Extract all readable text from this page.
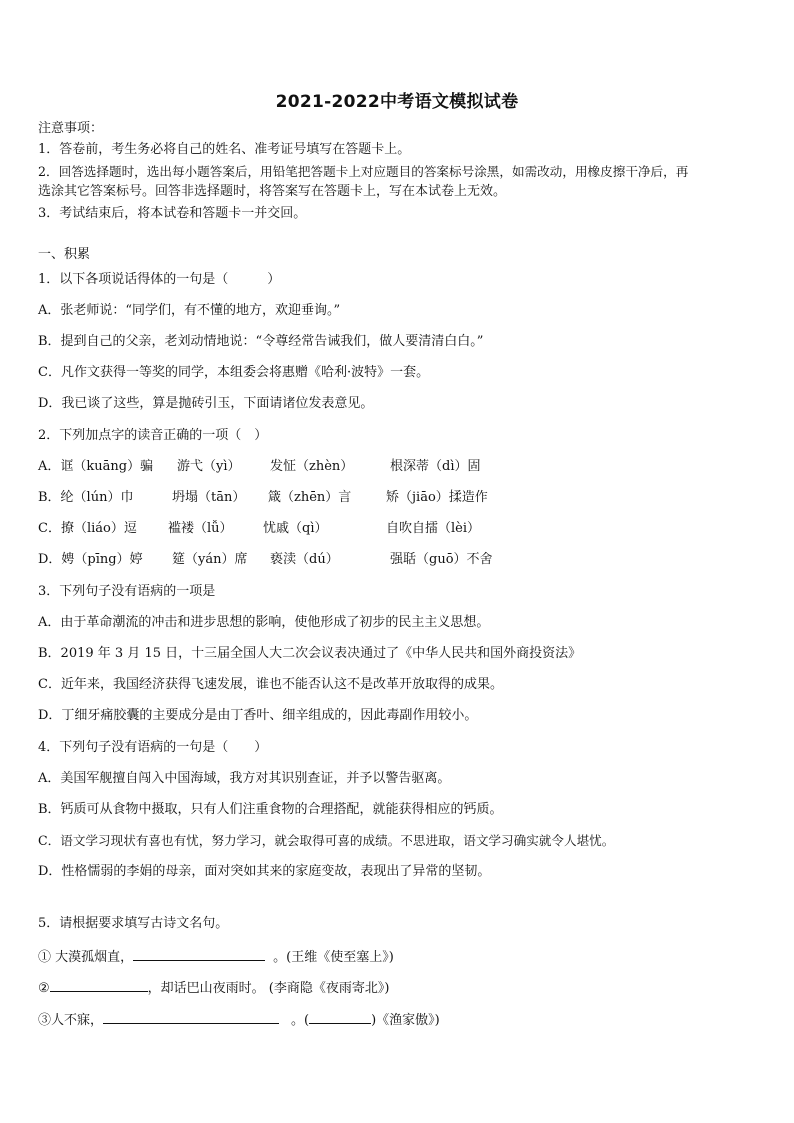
2021-2022中考语文模拟试卷
注意事项：
1．答卷前，考生务必将自己的姓名、准考证号填写在答题卡上。
2．回答选择题时，选出每小题答案后，用铅笔把答题卡上对应题目的答案标号涂黑，如需改动，用橡皮擦干净后，再
选涂其它答案标号。回答非选择题时，将答案写在答题卡上，写在本试卷上无效。
3．考试结束后，将本试卷和答题卡一并交回。
一、积累
1．以下各项说话得体的一句是（　　　）
A．张老师说：“同学们，有不懂的地方，欢迎垂询。”
B．提到自己的父亲，老刘动情地说：“令尊经常告诫我们，做人要清清白白。”
C．凡作文获得一等奖的同学，本组委会将惠赠《哈利·波特》一套。
D．我已谈了这些，算是抛砖引玉，下面请诸位发表意见。
2．下列加点字的读音正确的一项（　）
A．诓（kuāng）骗 游弋（yì） 发怔（zhèn）	根深蒂（dì）固
B．纶（lún）巾	坍塌（tān） 箴（zhēn）言	矫（jiāo）揉造作
C．撩（liáo）逗 褴褛（lǚ） 忧戚（qì）	自吹自擂（lèi）
D．娉（pīng）婷 筵（yán）席 亵渎（dú）	强聒（guō）不舍
3．下列句子没有语病的一项是
A．由于革命潮流的冲击和进步思想的影响，使他形成了初步的民主主义思想。
B．2019 年 3 月 15 日，十三届全国人大二次会议表决通过了《中华人民共和国外商投资法》
C．近年来，我国经济获得飞速发展，谁也不能否认这不是改革开放取得的成果。
D．丁细牙痛胶囊的主要成分是由丁香叶、细辛组成的，因此毒副作用较小。
4．下列句子没有语病的一句是（　　）
A．美国军舰擅自闯入中国海域，我方对其识别查证，并予以警告驱离。
B．钙质可从食物中摄取，只有人们注重食物的合理搭配，就能获得相应的钙质。
C．语文学习现状有喜也有忧，努力学习，就会取得可喜的成绩。不思进取，语文学习确实就令人堪忧。
D．性格懦弱的李娟的母亲，面对突如其来的家庭变故，表现出了异常的坚韧。
5．请根据要求填写古诗文名句。
① 大漠孤烟直，	。(王维《使至塞上》)
②	，却话巴山夜雨时。 (李商隐《夜雨寄北》)
③人不寐，	。(	)《渔家傲》)
